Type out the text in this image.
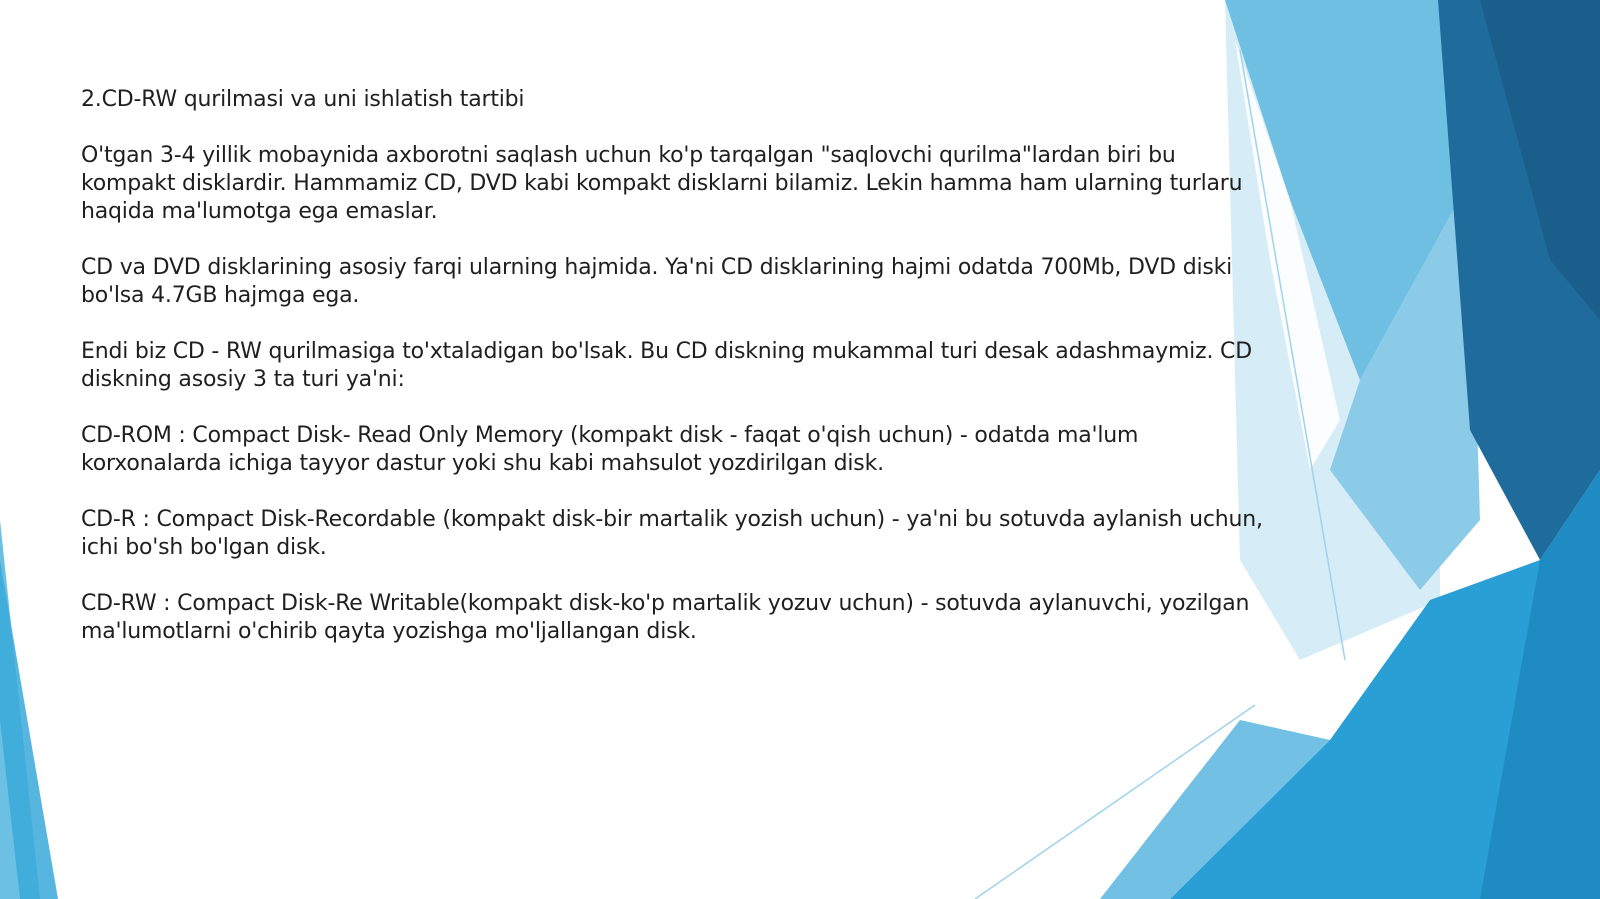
2.CD-RW qurilmasi va uni ishlatish tartibi

O'tgan 3-4 yillik mobaynida axborotni saqlash uchun ko'p tarqalgan "saqlovchi qurilma"lardan biri bu kompakt disklardir. Hammamiz CD, DVD kabi kompakt disklarni bilamiz. Lekin hamma ham ularning turlaru haqida ma'lumotga ega emaslar.

CD va DVD disklarining asosiy farqi ularning hajmida. Ya'ni CD disklarining hajmi odatda 700Mb, DVD diski bo'lsa 4.7GB hajmga ega.

Endi biz CD - RW qurilmasiga to'xtaladigan bo'lsak. Bu CD diskning mukammal turi desak adashmaymiz. CD diskning asosiy 3 ta turi ya'ni:

CD-ROM : Compact Disk- Read Only Memory (kompakt disk - faqat o'qish uchun) - odatda ma'lum korxonalarda ichiga tayyor dastur yoki shu kabi mahsulot yozdirilgan disk.

CD-R : Compact Disk-Recordable (kompakt disk-bir martalik yozish uchun) - ya'ni bu sotuvda aylanish uchun, ichi bo'sh bo'lgan disk.

CD-RW : Compact Disk-Re Writable(kompakt disk-ko'p martalik yozuv uchun) - sotuvda aylanuvchi, yozilgan ma'lumotlarni o'chirib qayta yozishga mo'ljallangan disk.
